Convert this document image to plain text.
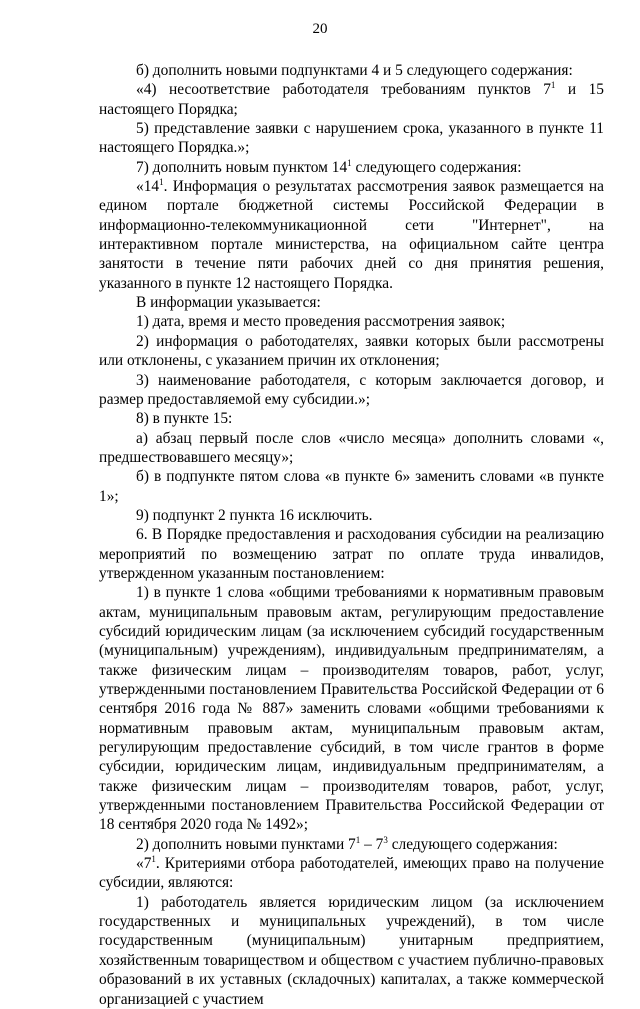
20

б) дополнить новыми подпунктами 4 и 5 следующего содержания:

«4) несоответствие работодателя требованиям пунктов $7^1$ и 15 настоящего Порядка;

5) представление заявки с нарушением срока, указанного в пункте 11 настоящего Порядка.»;

7) дополнить новым пунктом $14^1$ следующего содержания:

«$14^1$. Информация о результатах рассмотрения заявок размещается на едином портале бюджетной системы Российской Федерации в информационно-телекоммуникационной сети "Интернет", на интерактивном портале министерства, на официальном сайте центра занятости в течение пяти рабочих дней со дня принятия решения, указанного в пункте 12 настоящего Порядка.

В информации указывается:

1) дата, время и место проведения рассмотрения заявок;

2) информация о работодателях, заявки которых были рассмотрены или отклонены, с указанием причин их отклонения;

3) наименование работодателя, с которым заключается договор, и размер предоставляемой ему субсидии.»;

8) в пункте 15:

а) абзац первый после слов «число месяца» дополнить словами «, предшествовавшего месяцу»;

б) в подпункте пятом слова «в пункте 6» заменить словами «в пункте 1»;

9) подпункт 2 пункта 16 исключить.

6. В Порядке предоставления и расходования субсидии на реализацию мероприятий по возмещению затрат по оплате труда инвалидов, утвержденном указанным постановлением:

1) в пункте 1 слова «общими требованиями к нормативным правовым актам, муниципальным правовым актам, регулирующим предоставление субсидий юридическим лицам (за исключением субсидий государственным (муниципальным) учреждениям), индивидуальным предпринимателям, а также физическим лицам – производителям товаров, работ, услуг, утвержденными постановлением Правительства Российской Федерации от 6 сентября 2016 года № 887» заменить словами «общими требованиями к нормативным правовым актам, муниципальным правовым актам, регулирующим предоставление субсидий, в том числе грантов в форме субсидии, юридическим лицам, индивидуальным предпринимателям, а также физическим лицам – производителям товаров, работ, услуг, утвержденными постановлением Правительства Российской Федерации от 18 сентября 2020 года № 1492»;

2) дополнить новыми пунктами $7^1 - 7^3$ следующего содержания:

«$7^1$. Критериями отбора работодателей, имеющих право на получение субсидии, являются:

1) работодатель является юридическим лицом (за исключением государственных и муниципальных учреждений), в том числе государственным (муниципальным) унитарным предприятием, хозяйственным товариществом и обществом с участием публично-правовых образований в их уставных (складочных) капиталах, а также коммерческой организацией с участием
